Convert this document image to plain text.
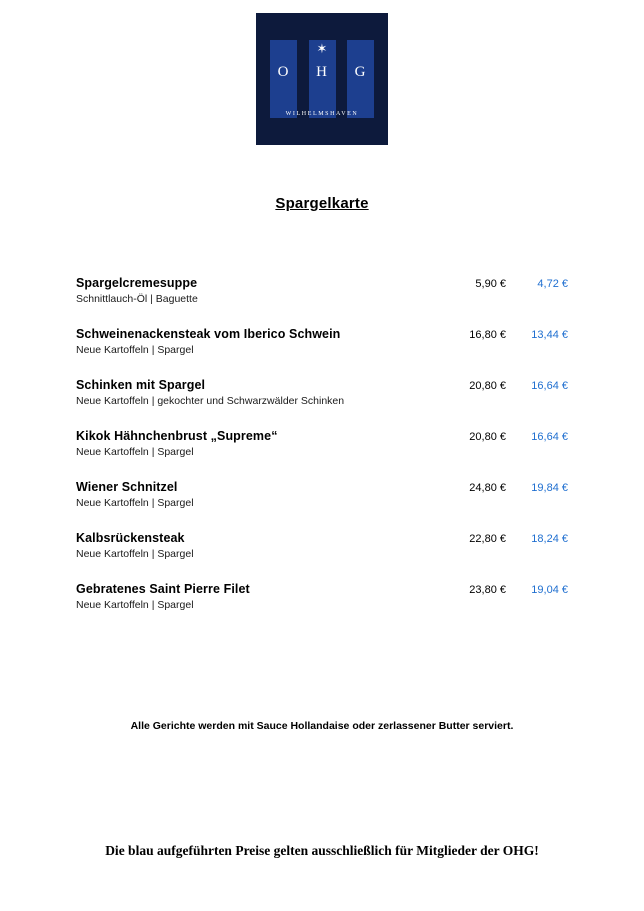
✶
O	H	G
WILHELMSHAVEN
Spargelkarte
Spargelcremesuppe	5,90 €	4,72 €
Schnittlauch-Öl | Baguette
Schweinenackensteak vom Iberico Schwein	16,80 €	13,44 €
Neue Kartoffeln | Spargel
Schinken mit Spargel	20,80 €	16,64 €
Neue Kartoffeln | gekochter und Schwarzwälder Schinken
Kikok Hähnchenbrust „Supreme“	20,80 €	16,64 €
Neue Kartoffeln | Spargel
Wiener Schnitzel	24,80 €	19,84 €
Neue Kartoffeln | Spargel
Kalbsrückensteak	22,80 €	18,24 €
Neue Kartoffeln | Spargel
Gebratenes Saint Pierre Filet	23,80 €	19,04 €
Neue Kartoffeln | Spargel
Alle Gerichte werden mit Sauce Hollandaise oder zerlassener Butter serviert.
Die blau aufgeführten Preise gelten ausschließlich für Mitglieder der OHG!
